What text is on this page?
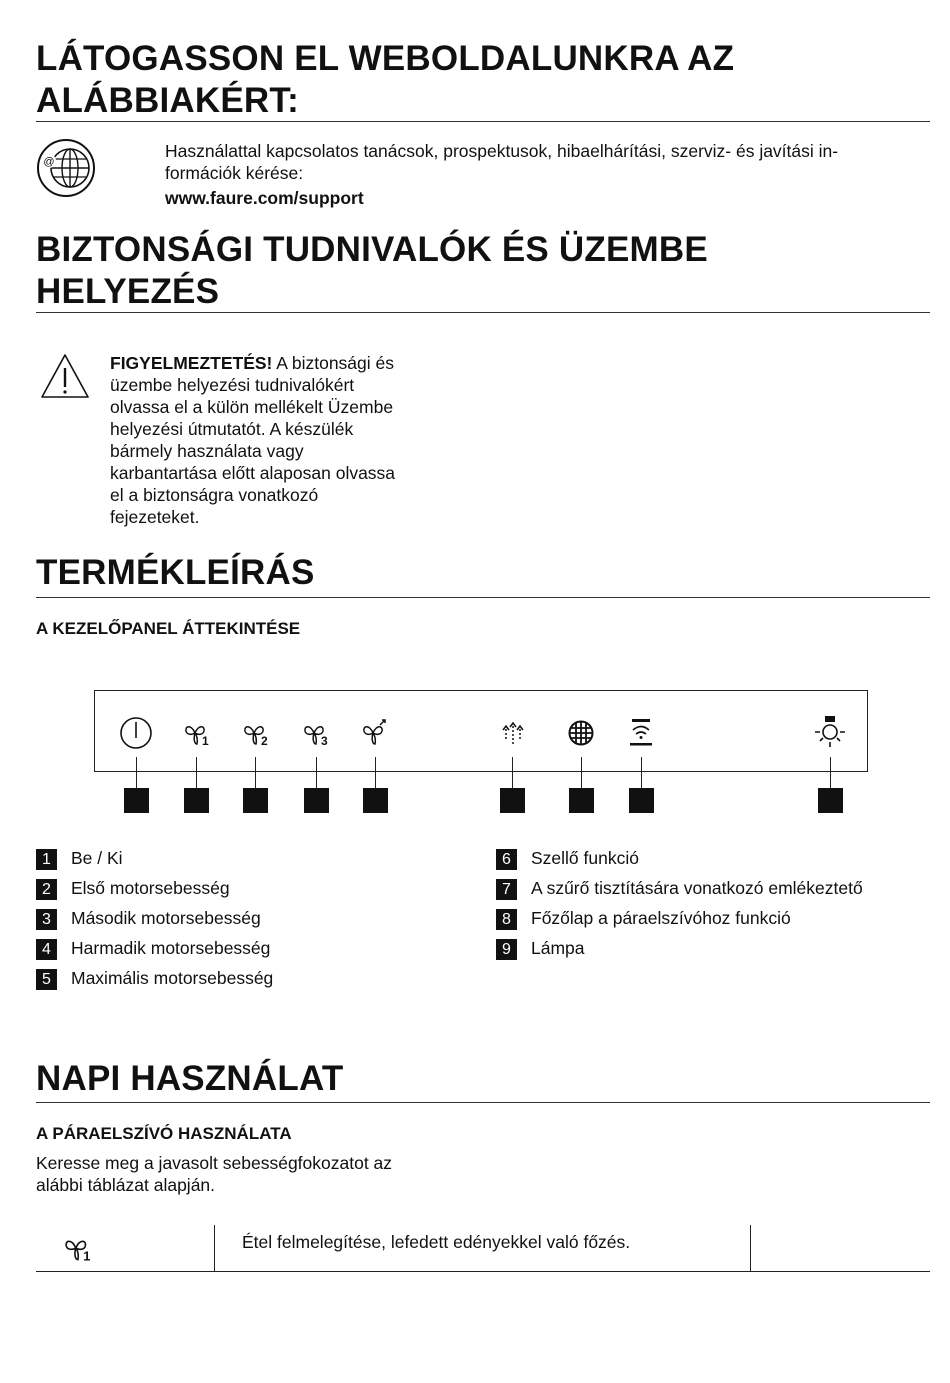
LÁTOGASSON EL WEBOLDALUNKRA AZ
ALÁBBIAKÉRT:
@
Használattal kapcsolatos tanácsok, prospektusok, hibaelhárítási, szerviz- és javítási in-
formációk kérése:
www.faure.com/support
BIZTONSÁGI TUDNIVALÓK ÉS ÜZEMBE
HELYEZÉS
FIGYELMEZTETÉS! A biztonsági és
üzembe helyezési tudnivalókért
olvassa el a külön mellékelt Üzembe
helyezési útmutatót. A készülék
bármely használata vagy
karbantartása előtt alaposan olvassa
el a biztonságra vonatkozó
fejezeteket.
TERMÉKLEÍRÁS
A KEZELŐPANEL ÁTTEKINTÉSE
1	2	3
1 Be / Ki
2 Első motorsebesség
3 Második motorsebesség
4 Harmadik motorsebesség
5 Maximális motorsebesség
6 Szellő funkció
7 A szűrő tisztítására vonatkozó emlékeztető
8 Főzőlap a páraelszívóhoz funkció
9 Lámpa
NAPI HASZNÁLAT
A PÁRAELSZÍVÓ HASZNÁLATA
Keresse meg a javasolt sebességfokozatot az
alábbi táblázat alapján.
1
Étel felmelegítése, lefedett edényekkel való főzés.
